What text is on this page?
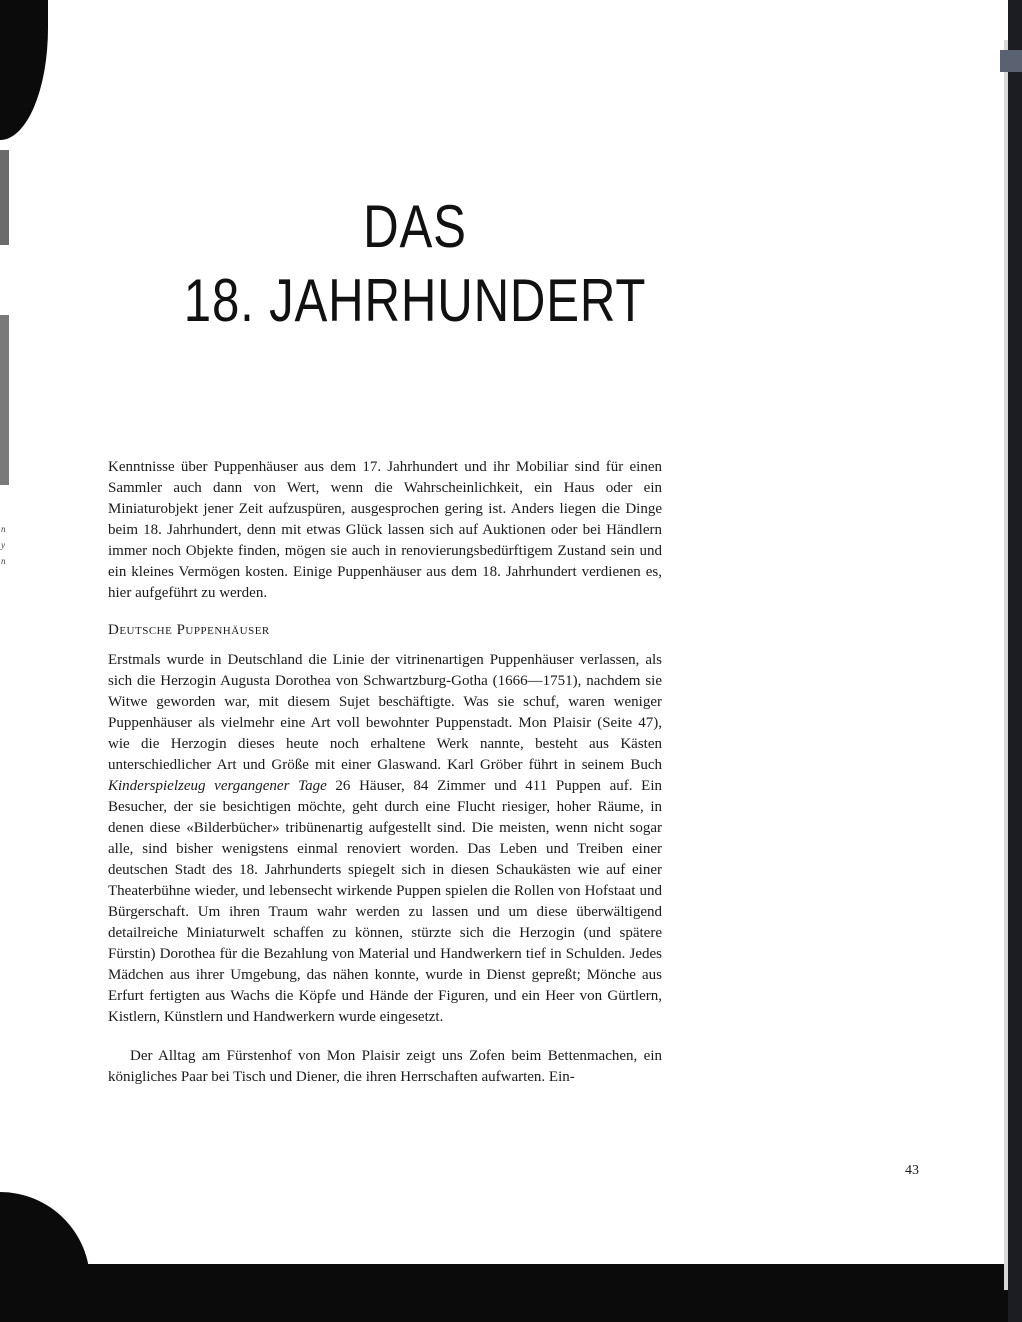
n
y
n
DAS
18. JAHRHUNDERT

Kenntnisse über Puppenhäuser aus dem 17. Jahrhundert und ihr Mobiliar sind für einen Sammler auch dann von Wert, wenn die Wahrscheinlichkeit, ein Haus oder ein Miniaturobjekt jener Zeit aufzuspüren, ausgesprochen gering ist. Anders liegen die Dinge beim 18. Jahrhundert, denn mit etwas Glück lassen sich auf Auktionen oder bei Händlern immer noch Objekte finden, mögen sie auch in renovierungsbedürftigem Zustand sein und ein kleines Vermögen kosten. Einige Puppenhäuser aus dem 18. Jahrhundert verdienen es, hier aufgeführt zu werden.

Deutsche Puppenhäuser

Erstmals wurde in Deutschland die Linie der vitrinenartigen Puppenhäuser verlassen, als sich die Herzogin Augusta Dorothea von Schwartzburg-Gotha (1666—1751), nachdem sie Witwe geworden war, mit diesem Sujet beschäftigte. Was sie schuf, waren weniger Puppenhäuser als vielmehr eine Art voll bewohnter Puppenstadt. Mon Plaisir (Seite 47), wie die Herzogin dieses heute noch erhaltene Werk nannte, besteht aus Kästen unterschiedlicher Art und Größe mit einer Glaswand. Karl Gröber führt in seinem Buch Kinderspielzeug vergangener Tage 26 Häuser, 84 Zimmer und 411 Puppen auf. Ein Besucher, der sie besichtigen möchte, geht durch eine Flucht riesiger, hoher Räume, in denen diese «Bilderbücher» tribünenartig aufgestellt sind. Die meisten, wenn nicht sogar alle, sind bisher wenigstens einmal renoviert worden. Das Leben und Treiben einer deutschen Stadt des 18. Jahrhunderts spiegelt sich in diesen Schaukästen wie auf einer Theaterbühne wieder, und lebensecht wirkende Puppen spielen die Rollen von Hofstaat und Bürgerschaft. Um ihren Traum wahr werden zu lassen und um diese überwältigend detailreiche Miniaturwelt schaffen zu können, stürzte sich die Herzogin (und spätere Fürstin) Dorothea für die Bezahlung von Material und Handwerkern tief in Schulden. Jedes Mädchen aus ihrer Umgebung, das nähen konnte, wurde in Dienst gepreßt; Mönche aus Erfurt fertigten aus Wachs die Köpfe und Hände der Figuren, und ein Heer von Gürtlern, Kistlern, Künstlern und Handwerkern wurde eingesetzt.

Der Alltag am Fürstenhof von Mon Plaisir zeigt uns Zofen beim Bettenmachen, ein königliches Paar bei Tisch und Diener, die ihren Herrschaften aufwarten. Ein-

43
